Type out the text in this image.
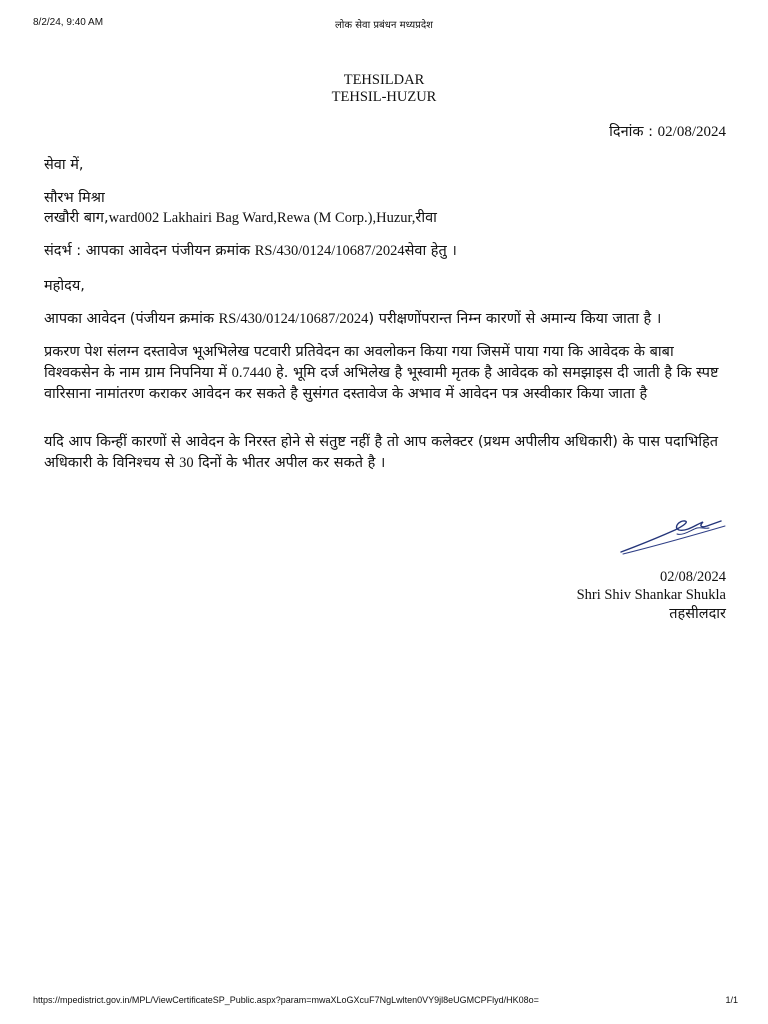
8/2/24, 9:40 AM	लोक सेवा प्रबंधन मध्यप्रदेश
TEHSILDAR
TEHSIL-HUZUR
दिनांक : 02/08/2024
सेवा में,
सौरभ मिश्रा
लखौरी बाग,ward002 Lakhairi Bag Ward,Rewa (M Corp.),Huzur,रीवा
संदर्भ : आपका आवेदन पंजीयन क्रमांक RS/430/0124/10687/2024सेवा हेतु ।
महोदय,
आपका आवेदन (पंजीयन क्रमांक RS/430/0124/10687/2024) परीक्षणोंपरान्त निम्न कारणों से अमान्य किया जाता है ।
प्रकरण पेश संलग्न दस्तावेज भूअभिलेख पटवारी प्रतिवेदन का अवलोकन किया गया जिसमें पाया गया कि आवेदक के बाबा विश्वकसेन के नाम ग्राम निपनिया में 0.7440 हे. भूमि दर्ज अभिलेख है भूस्वामी मृतक है आवेदक को समझाइस दी जाती है कि स्पष्ट वारिसाना नामांतरण कराकर आवेदन कर सकते है सुसंगत दस्तावेज के अभाव में आवेदन पत्र अस्वीकार किया जाता है
यदि आप किन्हीं कारणों से आवेदन के निरस्त होने से संतुष्ट नहीं है तो आप कलेक्टर (प्रथम अपीलीय अधिकारी) के पास पदाभिहित अधिकारी के विनिश्चय से 30 दिनों के भीतर अपील कर सकते है ।
02/08/2024
Shri Shiv Shankar Shukla
तहसीलदार
https://mpedistrict.gov.in/MPL/ViewCertificateSP_Public.aspx?param=mwaXLoGXcuF7NgLwlten0VY9jl8eUGMCPFlyd/HK08o=	1/1
